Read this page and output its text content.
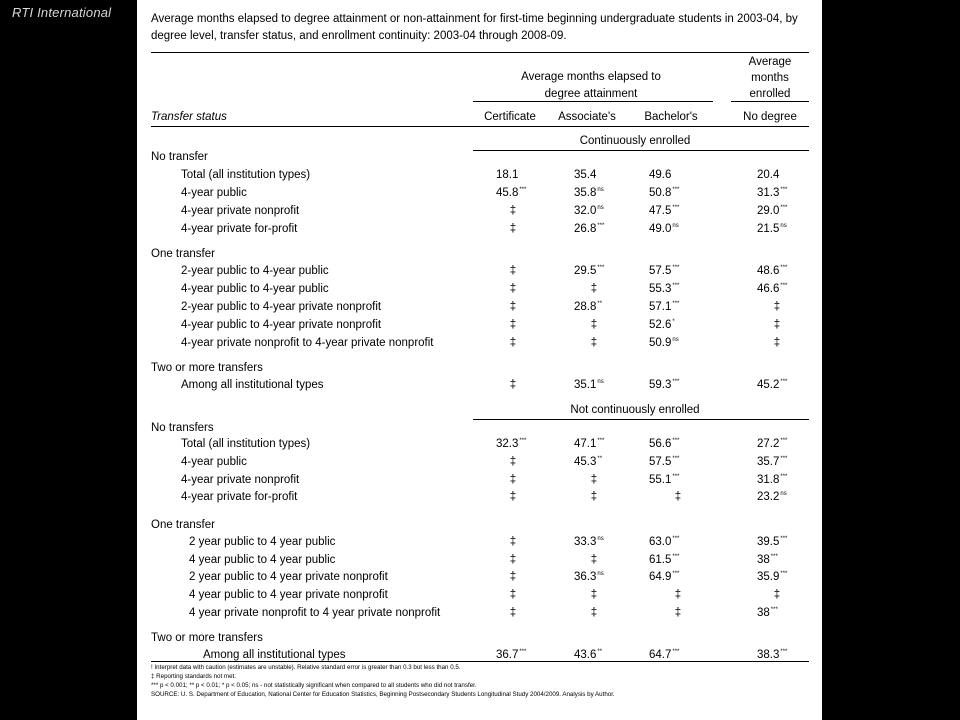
RTI International	Average months elapsed to degree attainment or non-attainment for first-time beginning undergraduate students in 2003-04, by degree level, transfer status, and enrollment continuity: 2003-04 through 2008-09.
Average months elapsed to
degree attainment
Average
months
enrolled
Transfer status	Certificate Associate's Bachelor's	No degree
Continuously enrolled
No transfer
Total (all institution types)	18.1	35.4	49.6	20.4
4-year public	45.8***	$35.8^{ns}$	50.8***	31.3***
4-year private nonprofit	‡	$32.0^{ns}$	47.5***	29.0***
4-year private for-profit	‡	26.8***	$49.0^{ns}$	$21.5^{ns}$
One transfer
2-year public to 4-year public	‡	29.5***	57.5***	48.6***
4-year public to 4-year public	‡	‡	55.3***	46.6***
2-year public to 4-year private nonprofit	‡	28.8**	57.1***	‡
4-year public to 4-year private nonprofit	‡	‡	52.6*	‡
4-year private nonprofit to 4-year private nonprofit	‡	‡	$50.9^{ns}$	‡
Two or more transfers
Among all institutional types	‡	$35.1^{ns}$	59.3***	45.2***
Not continuously enrolled
No transfers
Total (all institution types)	32.3***	47.1***	56.6***	27.2***
4-year public	‡	45.3**	57.5***	35.7***
4-year private nonprofit	‡	‡	55.1***	31.8***
4-year private for-profit	‡	‡	‡	$23.2^{ns}$
One transfer
2 year public to 4 year public	‡	$33.3^{ns}$	63.0***	39.5***
4 year public to 4 year public	‡	‡	61.5***	38***
2 year public to 4 year private nonprofit	‡	$36.3^{ns}$	64.9***	35.9***
4 year public to 4 year private nonprofit	‡	‡	‡	‡
4 year private nonprofit to 4 year private nonprofit	‡	‡	‡	38***
Two or more transfers
Among all institutional types	36.7***	43.6**	64.7***	38.3***
! Interpret data with caution (estimates are unstable). Relative standard error is greater than 0.3 but less than 0.5.
‡ Reporting standards not met.
*** p < 0.001; ** p < 0.01; * p < 0.05; ns - not statistically significant when compared to all students who did not transfer.
SOURCE: U. S. Department of Education, National Center for Education Statistics, Beginning Postsecondary Students Longitudinal Study 2004/2009. Analysis by Author.
